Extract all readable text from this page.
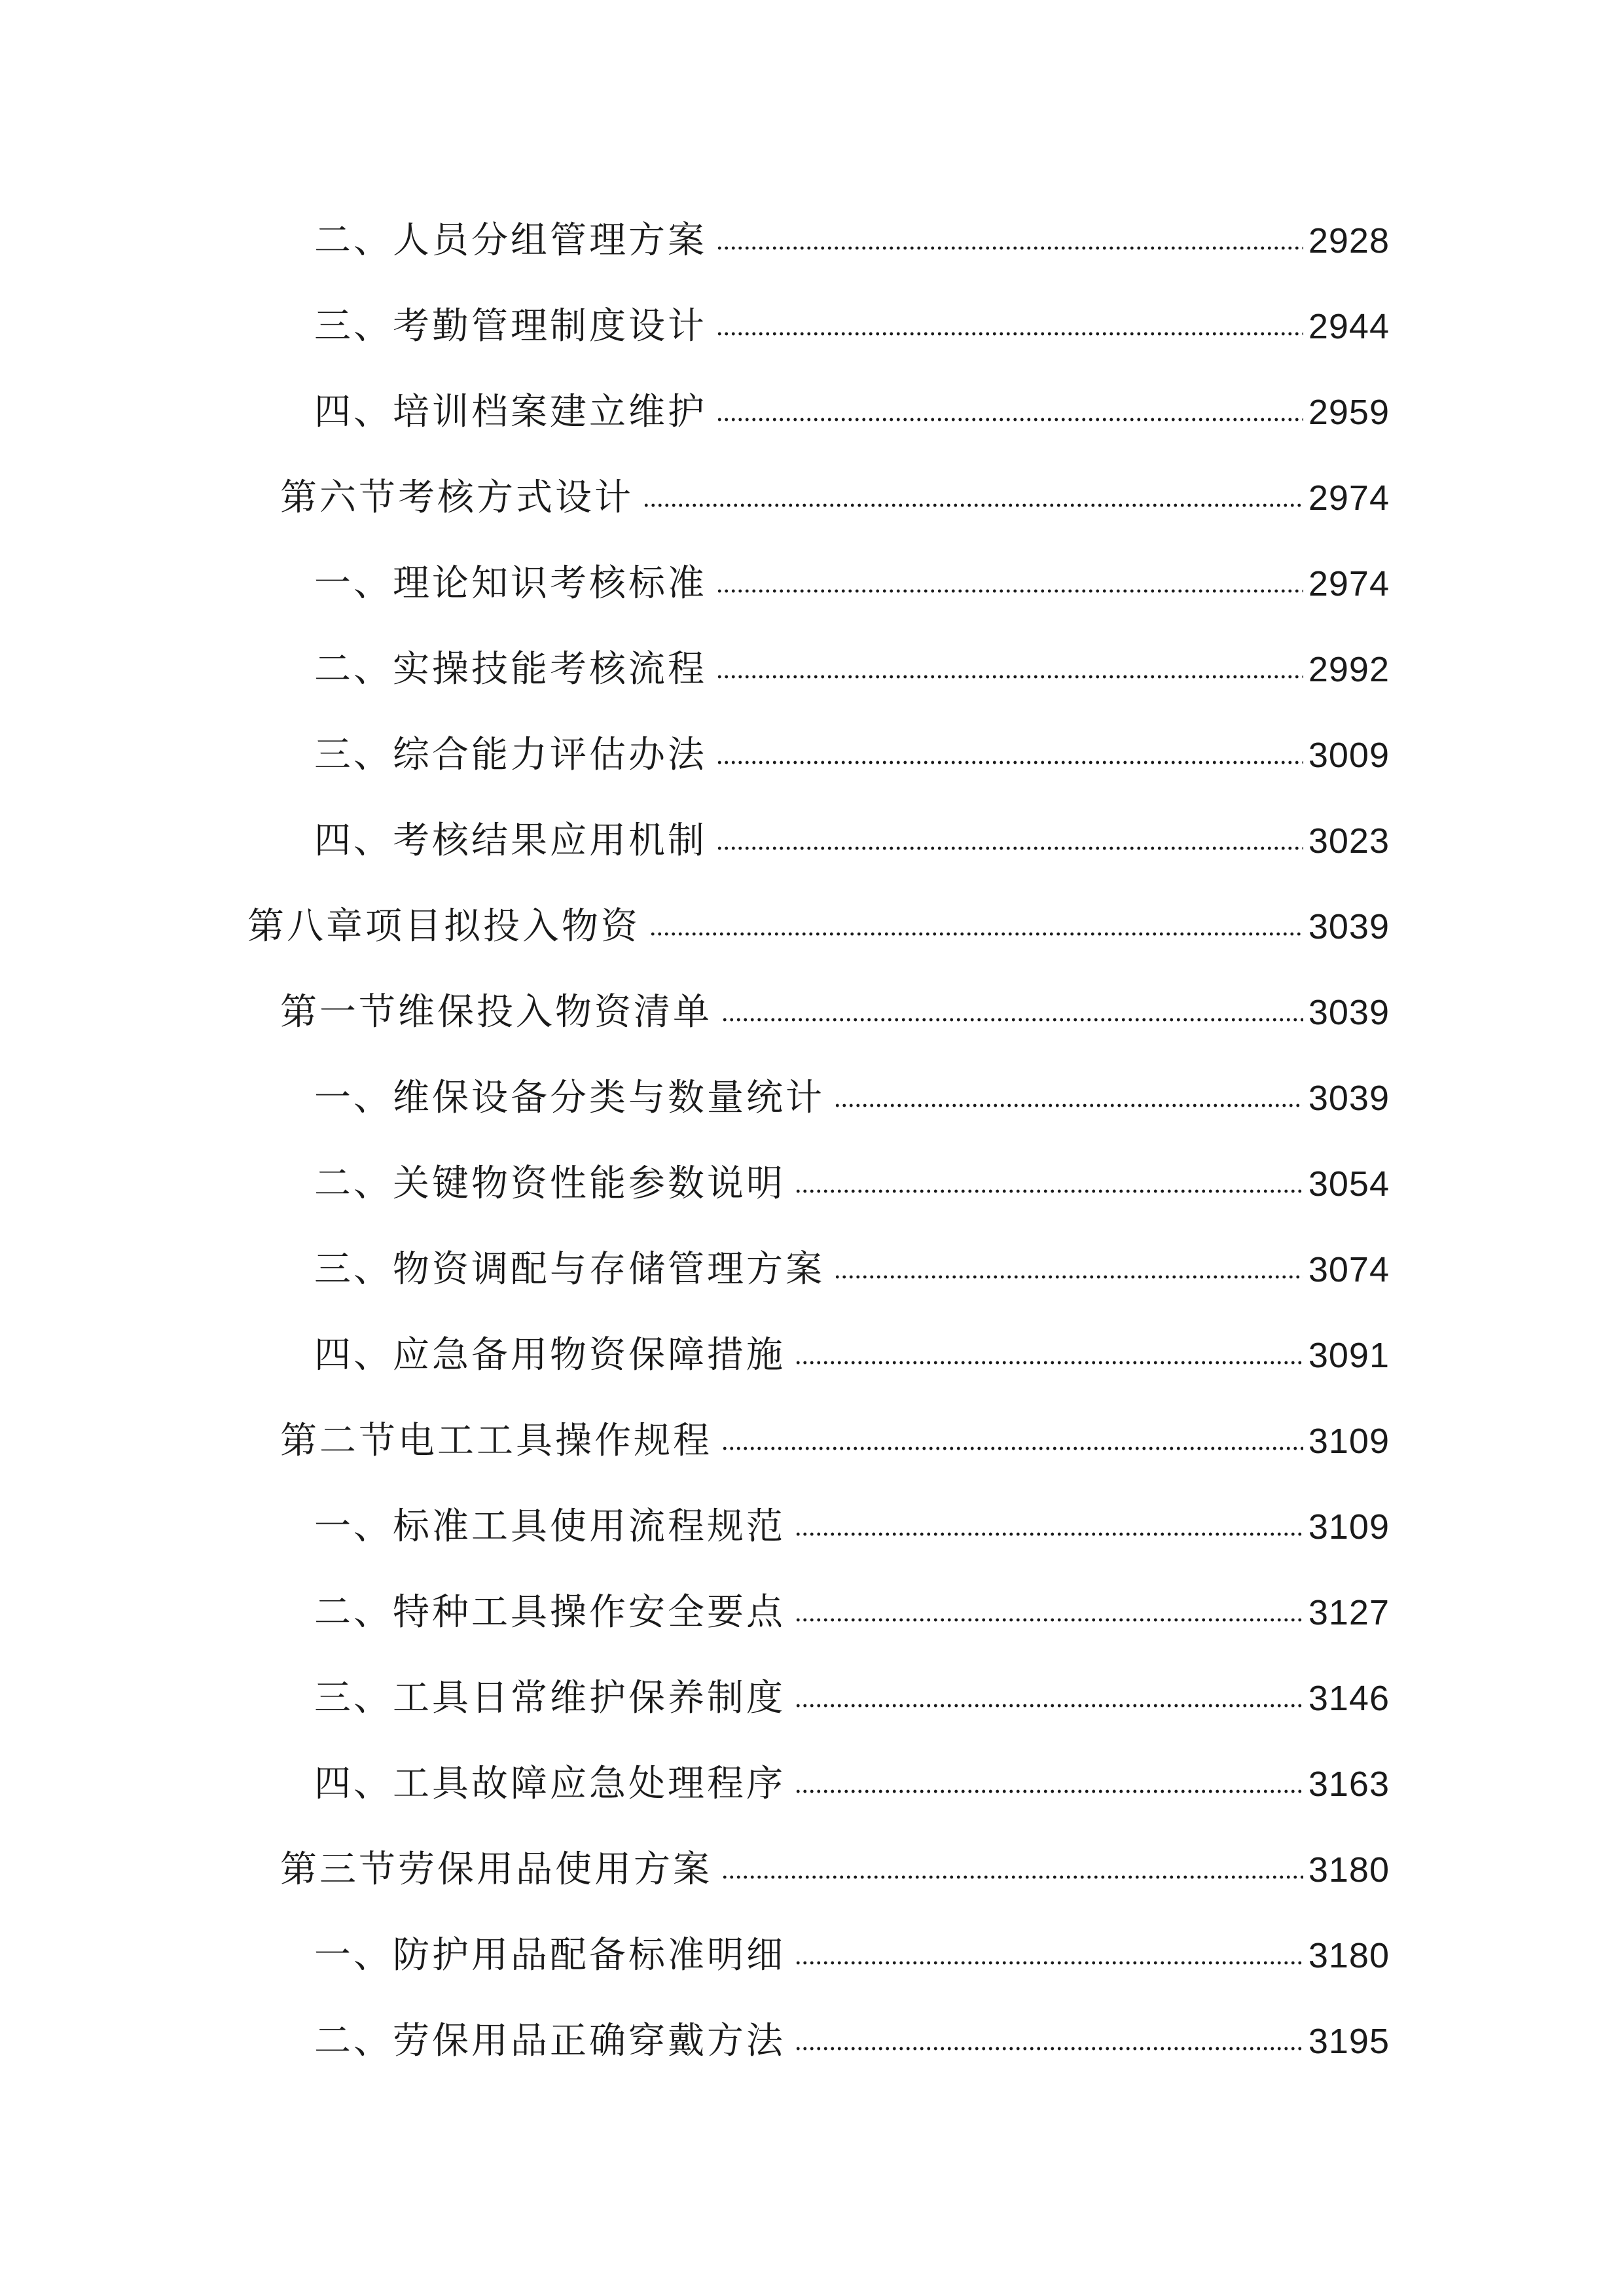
二、人员分组管理方案	2928
三、考勤管理制度设计	2944
四、培训档案建立维护	2959
第六节考核方式设计	2974
一、理论知识考核标准	2974
二、实操技能考核流程	2992
三、综合能力评估办法	3009
四、考核结果应用机制	3023
第八章项目拟投入物资	3039
第一节维保投入物资清单	3039
一、维保设备分类与数量统计	3039
二、关键物资性能参数说明	3054
三、物资调配与存储管理方案	3074
四、应急备用物资保障措施	3091
第二节电工工具操作规程	3109
一、标准工具使用流程规范	3109
二、特种工具操作安全要点	3127
三、工具日常维护保养制度	3146
四、工具故障应急处理程序	3163
第三节劳保用品使用方案	3180
一、防护用品配备标准明细	3180
二、劳保用品正确穿戴方法	3195
